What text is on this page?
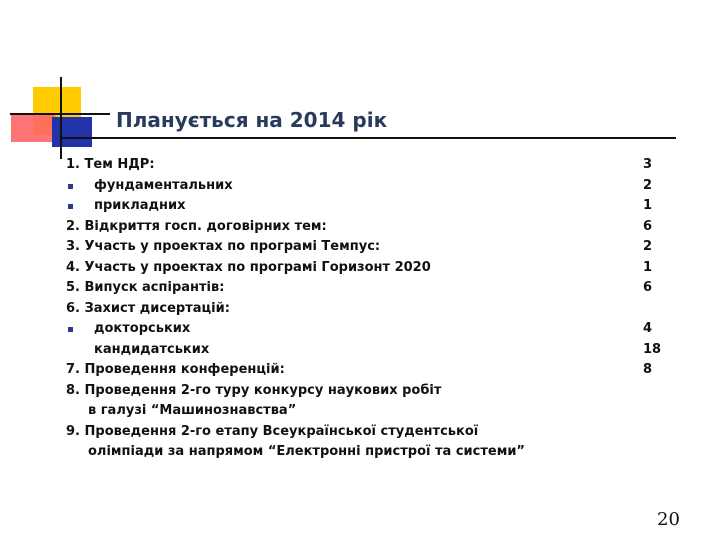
Планується на 2014 рік
1. Тем НДР:
фундаментальних
прикладних
2. Відкриття госп. договірних тем:
3. Участь у проектах по програмі Темпус:
4. Участь у проектах по програмі Горизонт 2020
5. Випуск аспірантів:
6. Захист дисертацій:
докторських
кандидатських
7. Проведення конференцій:
8. Проведення 2-го туру конкурсу наукових робіт
в галузі “Машинознавства”
9. Проведення 2-го етапу Всеукраїнської студентської
олімпіади за напрямом “Електронні пристрої та системи”
3
2
1
6
2
1
6
4
18
8
20
